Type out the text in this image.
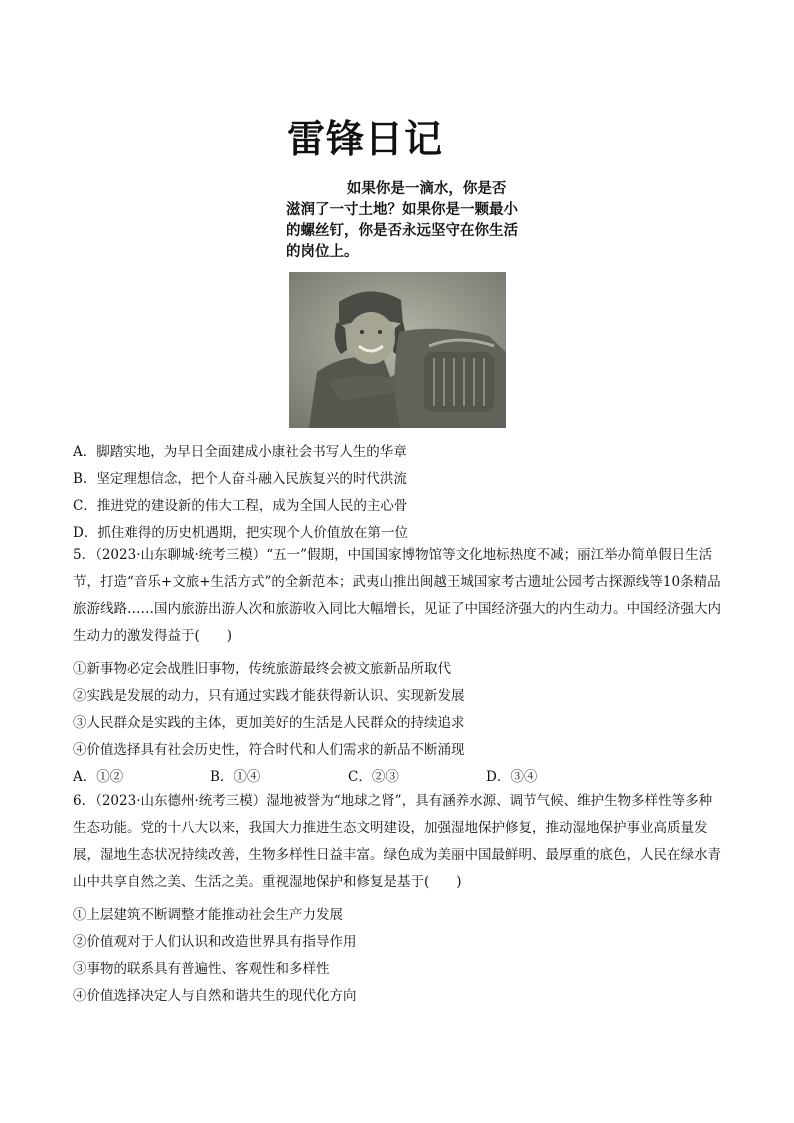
雷锋日记
如果你是一滴水，你是否滋润了一寸土地？如果你是一颗最小的螺丝钉，你是否永远坚守在你生活的岗位上。
A．脚踏实地，为早日全面建成小康社会书写人生的华章
B．坚定理想信念，把个人奋斗融入民族复兴的时代洪流
C．推进党的建设新的伟大工程，成为全国人民的主心骨
D．抓住难得的历史机遇期，把实现个人价值放在第一位
5．（2023·山东聊城·统考三模）“五一”假期，中国国家博物馆等文化地标热度不减；丽江举办简单假日生活节，打造“音乐+文旅+生活方式”的全新范本；武夷山推出闽越王城国家考古遗址公园考古探源线等10条精品旅游线路……国内旅游出游人次和旅游收入同比大幅增长，见证了中国经济强大的内生动力。中国经济强大内生动力的激发得益于(　　)
①新事物必定会战胜旧事物，传统旅游最终会被文旅新品所取代
②实践是发展的动力，只有通过实践才能获得新认识、实现新发展
③人民群众是实践的主体，更加美好的生活是人民群众的持续追求
④价值选择具有社会历史性，符合时代和人们需求的新品不断涌现
A．①②	B．①④	C．②③	D．③④
6．（2023·山东德州·统考三模）湿地被誉为“地球之肾”，具有涵养水源、调节气候、维护生物多样性等多种生态功能。党的十八大以来，我国大力推进生态文明建设，加强湿地保护修复，推动湿地保护事业高质量发展，湿地生态状况持续改善，生物多样性日益丰富。绿色成为美丽中国最鲜明、最厚重的底色，人民在绿水青山中共享自然之美、生活之美。重视湿地保护和修复是基于(　　)
①上层建筑不断调整才能推动社会生产力发展
②价值观对于人们认识和改造世界具有指导作用
③事物的联系具有普遍性、客观性和多样性
④价值选择决定人与自然和谐共生的现代化方向
